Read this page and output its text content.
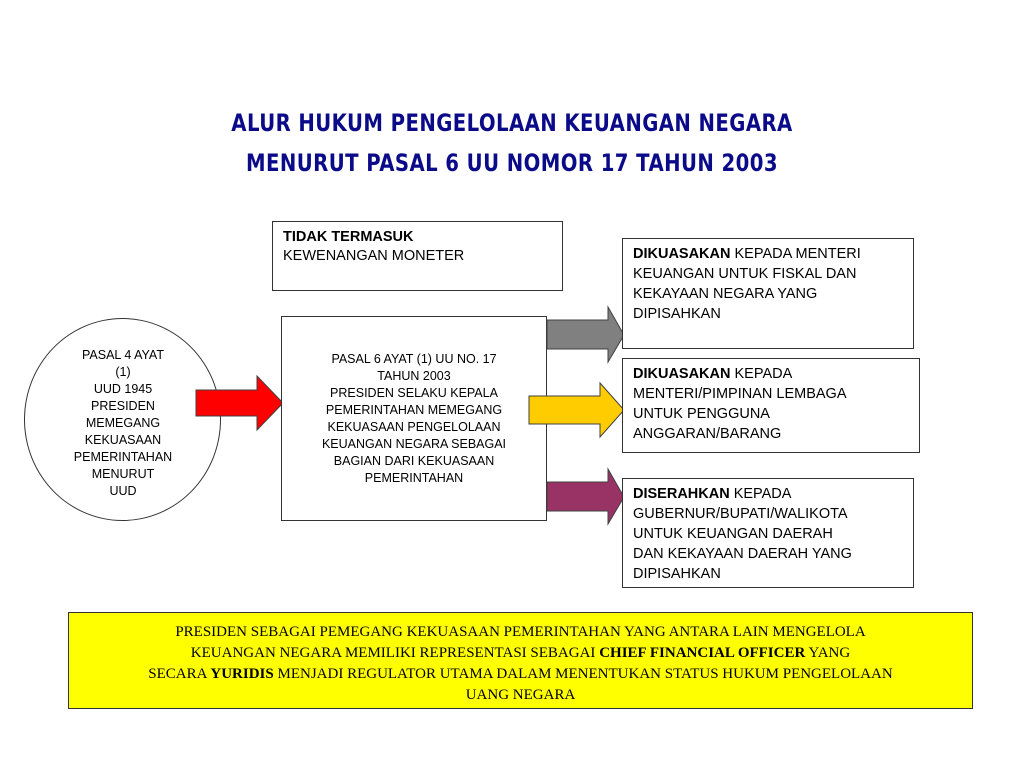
ALUR HUKUM PENGELOLAAN KEUANGAN NEGARA
MENURUT PASAL 6 UU NOMOR 17 TAHUN 2003
TIDAK TERMASUK
KEWENANGAN MONETER
PASAL 4 AYAT
(1)
UUD 1945
PRESIDEN
MEMEGANG
KEKUASAAN
PEMERINTAHAN
MENURUT
UUD
PASAL 6 AYAT (1) UU NO. 17
TAHUN 2003
PRESIDEN SELAKU KEPALA
PEMERINTAHAN MEMEGANG
KEKUASAAN PENGELOLAAN
KEUANGAN NEGARA SEBAGAI
BAGIAN DARI KEKUASAAN
PEMERINTAHAN
DIKUASAKAN KEPADA MENTERI
KEUANGAN UNTUK FISKAL DAN
KEKAYAAN NEGARA YANG
DIPISAHKAN
DIKUASAKAN KEPADA
MENTERI/PIMPINAN LEMBAGA
UNTUK PENGGUNA
ANGGARAN/BARANG
DISERAHKAN KEPADA
GUBERNUR/BUPATI/WALIKOTA
UNTUK KEUANGAN DAERAH
DAN KEKAYAAN DAERAH YANG
DIPISAHKAN
PRESIDEN SEBAGAI PEMEGANG KEKUASAAN PEMERINTAHAN YANG ANTARA LAIN MENGELOLA
KEUANGAN NEGARA MEMILIKI REPRESENTASI SEBAGAI CHIEF FINANCIAL OFFICER YANG
SECARA YURIDIS MENJADI REGULATOR UTAMA DALAM MENENTUKAN STATUS HUKUM PENGELOLAAN
UANG NEGARA
